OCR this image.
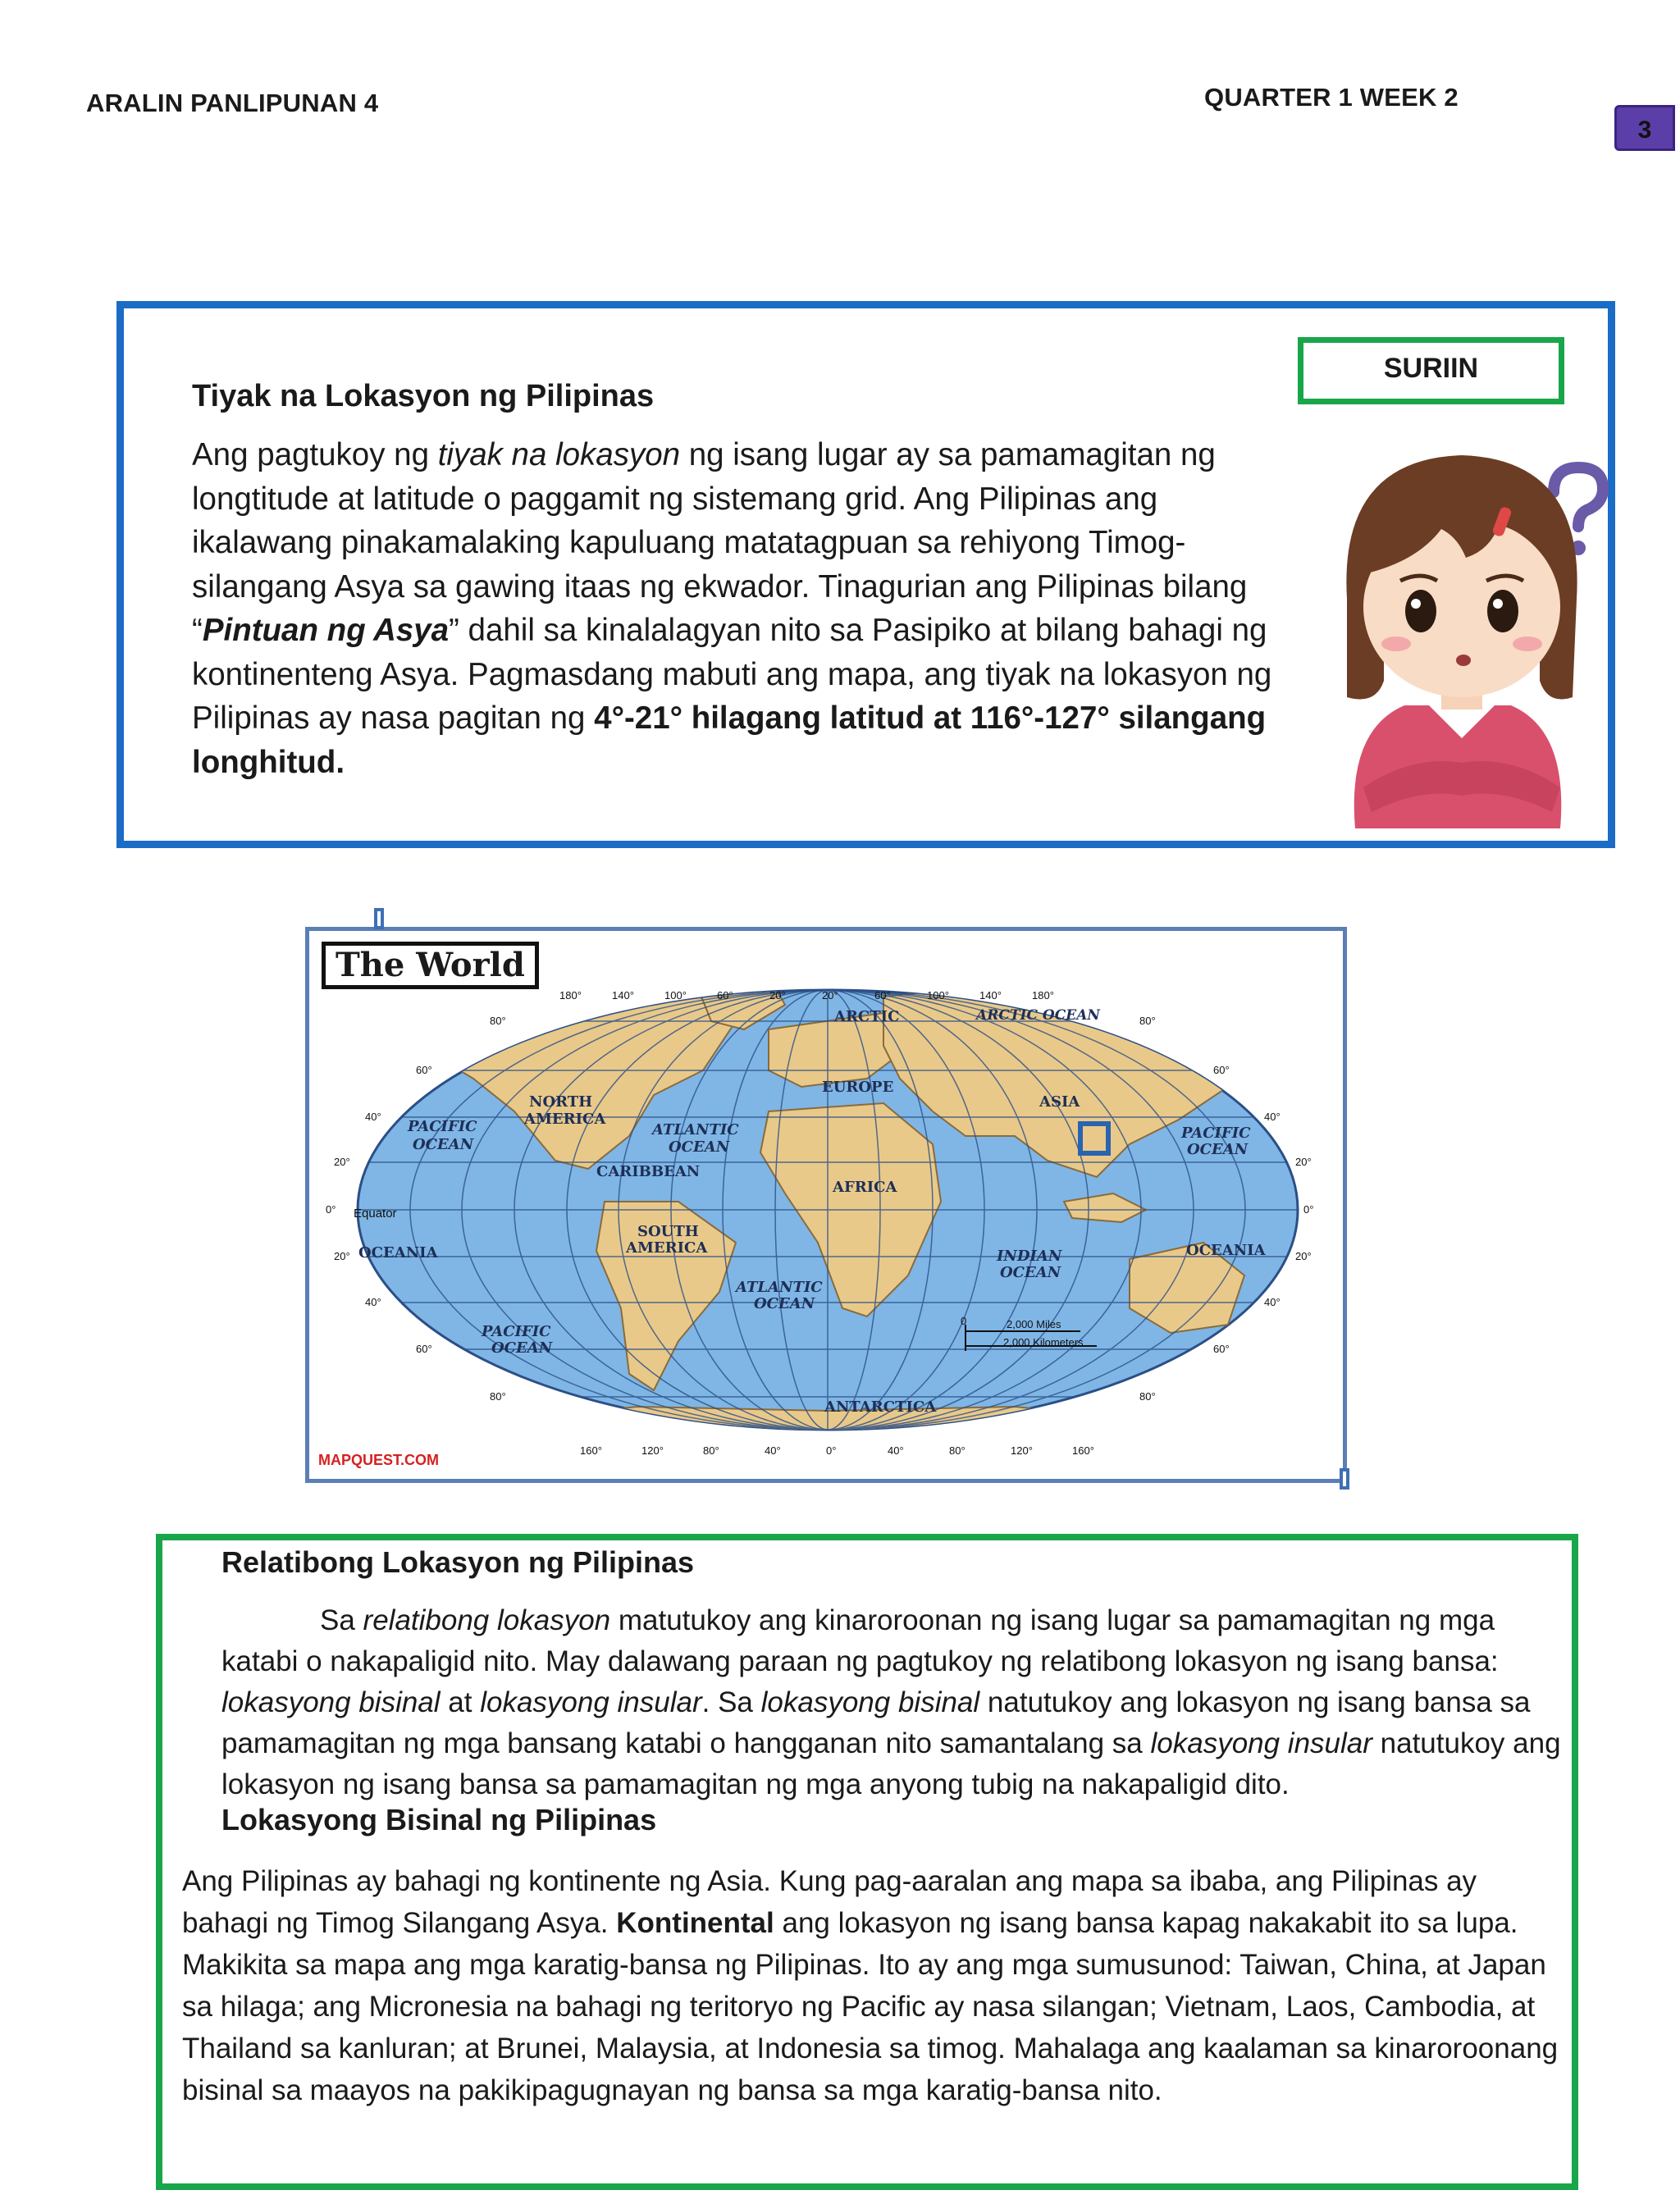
ARALIN PANLIPUNAN 4	QUARTER 1 WEEK 2
3
SURIIN
Tiyak na Lokasyon ng Pilipinas

Ang pagtukoy ng tiyak na lokasyon ng isang lugar ay sa pamamagitan ng longtitude at latitude o paggamit ng sistemang grid. Ang Pilipinas ang ikalawang pinakamalaking kapuluang matatagpuan sa rehiyong Timog-silangang Asya sa gawing itaas ng ekwador. Tinagurian ang Pilipinas bilang “Pintuan ng Asya” dahil sa kinalalagyan nito sa Pasipiko at bilang bahagi ng kontinenteng Asya. Pagmasdang mabuti ang mapa, ang tiyak na lokasyon ng Pilipinas ay nasa pagitan ng 4°-21° hilagang latitud at 116°-127° silangang longhitud.

ARCTIC	ARCTIC OCEAN
EUROPE
ASIA
NORTH
AMERICA
PACIFIC
OCEAN
ATLANTIC
OCEAN
CARIBBEAN
AFRICA
PACIFIC
OCEAN
Equator
OCEANIA
SOUTH
AMERICA	INDIAN
OCEAN
OCEANIA
ATLANTIC
OCEAN
PACIFIC
OCEAN
ANTARCTICA
0	2,000 Miles
2,000 Kilometers
180°	140°	100°	60°	20°	20°	60°	100°	140°	180°
160°	120°	80°	40°	0°	40°	80°	120°	160°
80°
60°
40°
20°
0°
20°
40°
60°
80°
80°
60°
40°
20°
0°
20°
40°
60°
80°
The World
MAPQUEST.COM
Relatibong Lokasyon ng Pilipinas

Sa relatibong lokasyon matutukoy ang kinaroroonan ng isang lugar sa pamamagitan ng mga katabi o nakapaligid nito. May dalawang paraan ng pagtukoy ng relatibong lokasyon ng isang bansa: lokasyong bisinal at lokasyong insular. Sa lokasyong bisinal natutukoy ang lokasyon ng isang bansa sa pamamagitan ng mga bansang katabi o hangganan nito samantalang sa lokasyong insular natutukoy ang lokasyon ng isang bansa sa pamamagitan ng mga anyong tubig na nakapaligid dito.

Lokasyong Bisinal ng Pilipinas

Ang Pilipinas ay bahagi ng kontinente ng Asia. Kung pag-aaralan ang mapa sa ibaba, ang Pilipinas ay bahagi ng Timog Silangang Asya. Kontinental ang lokasyon ng isang bansa kapag nakakabit ito sa lupa. Makikita sa mapa ang mga karatig-bansa ng Pilipinas. Ito ay ang mga sumusunod: Taiwan, China, at Japan sa hilaga; ang Micronesia na bahagi ng teritoryo ng Pacific ay nasa silangan; Vietnam, Laos, Cambodia, at Thailand sa kanluran; at Brunei, Malaysia, at Indonesia sa timog. Mahalaga ang kaalaman sa kinaroroonang bisinal sa maayos na pakikipagugnayan ng bansa sa mga karatig-bansa nito.
